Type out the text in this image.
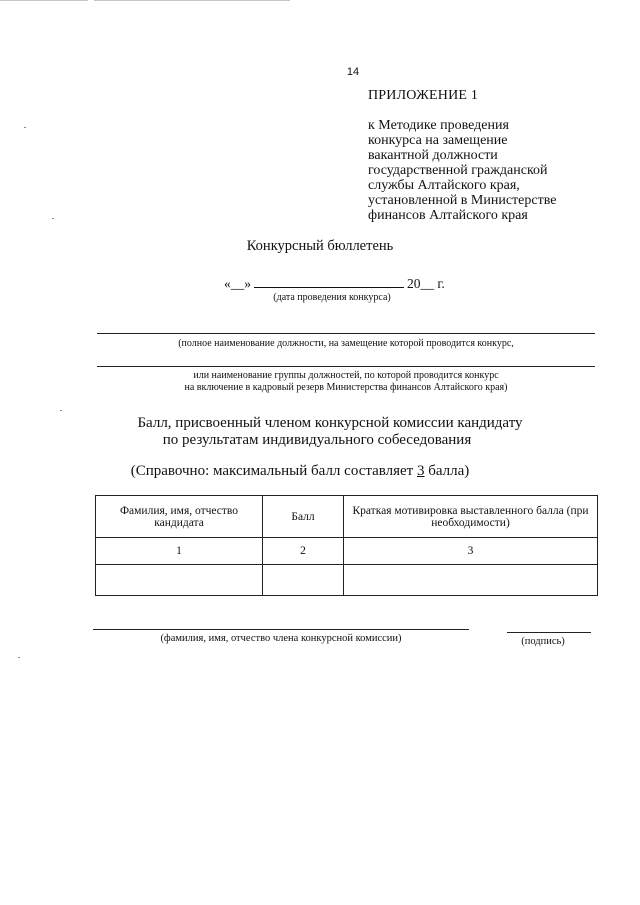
14
ПРИЛОЖЕНИЕ 1
к Методике проведения
конкурса на замещение
вакантной должности
государственной гражданской
службы Алтайского края,
установленной в Министерстве
финансов Алтайского края
Конкурсный бюллетень
«__»	20__ г.
(дата проведения конкурса)
(полное наименование должности, на замещение которой проводится конкурс,
или наименование группы должностей, по которой проводится конкурс
на включение в кадровый резерв Министерства финансов Алтайского края)
Балл, присвоенный членом конкурсной комиссии кандидату
по результатам индивидуального собеседования
(Справочно: максимальный балл составляет 3 балла)
Фамилия, имя, отчество кандидата	Балл	Краткая мотивировка выставленного балла (при необходимости)
1	2	3

(фамилия, имя, отчество члена конкурсной комиссии)	(подпись)
